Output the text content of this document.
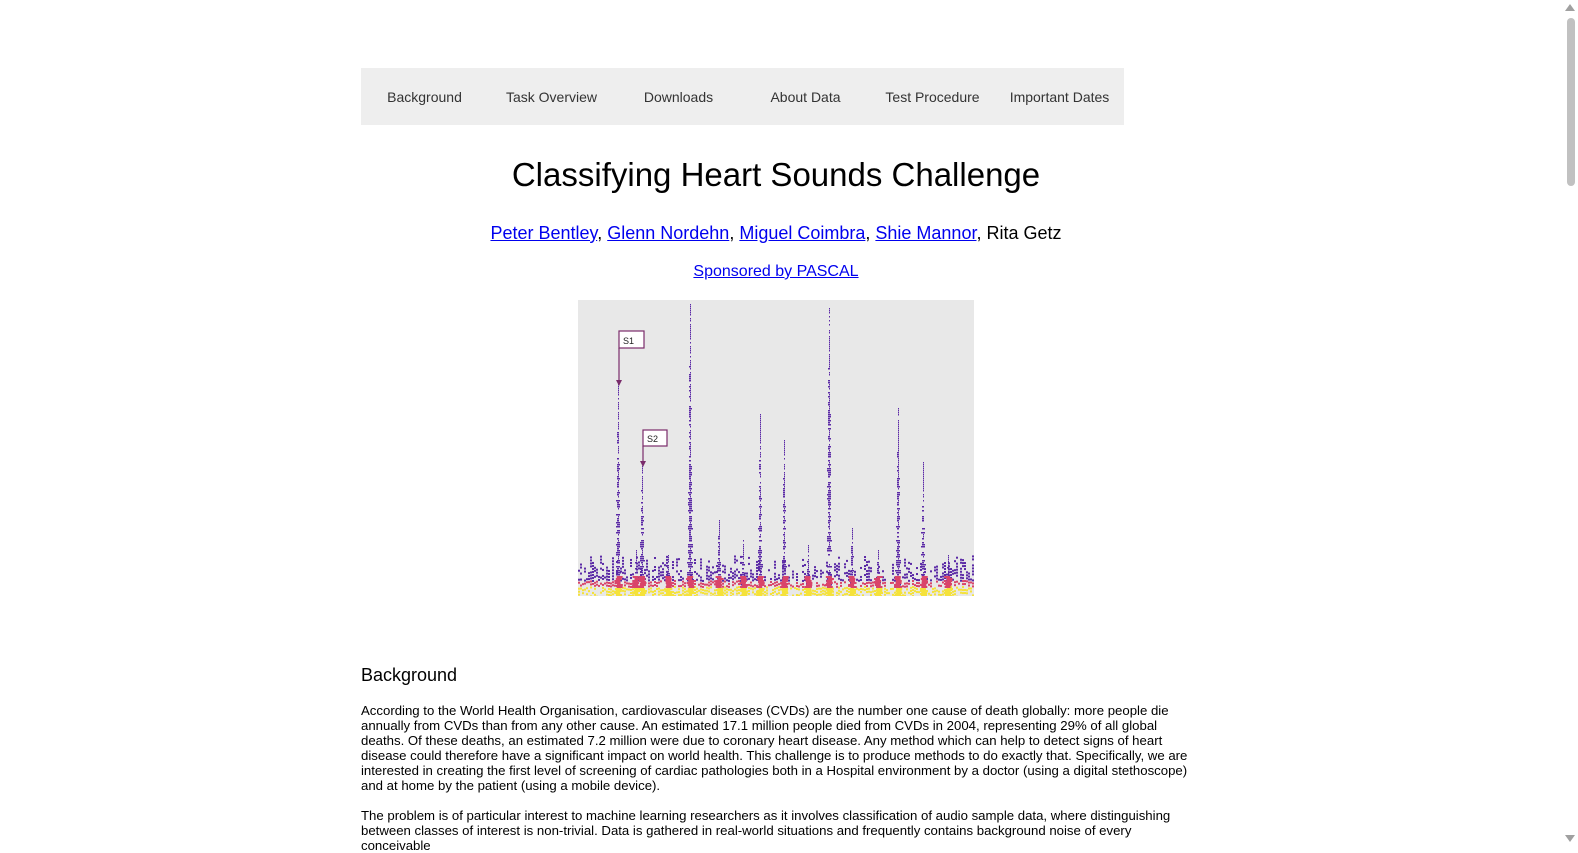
Background	Task Overview	Downloads	About Data	Test Procedure	Important Dates
Classifying Heart Sounds Challenge
Peter Bentley, Glenn Nordehn, Miguel Coimbra, Shie Mannor, Rita Getz
Sponsored by PASCAL
S1
S2
Background

According to the World Health Organisation, cardiovascular diseases (CVDs) are the number one cause of death globally: more people die annually from CVDs than from any other cause. An estimated 17.1 million people died from CVDs in 2004, representing 29% of all global deaths. Of these deaths, an estimated 7.2 million were due to coronary heart disease. Any method which can help to detect signs of heart disease could therefore have a significant impact on world health. This challenge is to produce methods to do exactly that. Specifically, we are interested in creating the first level of screening of cardiac pathologies both in a Hospital environment by a doctor (using a digital stethoscope) and at home by the patient (using a mobile device).

The problem is of particular interest to machine learning researchers as it involves classification of audio sample data, where distinguishing between classes of interest is non-trivial. Data is gathered in real-world situations and frequently contains background noise of every conceivable
